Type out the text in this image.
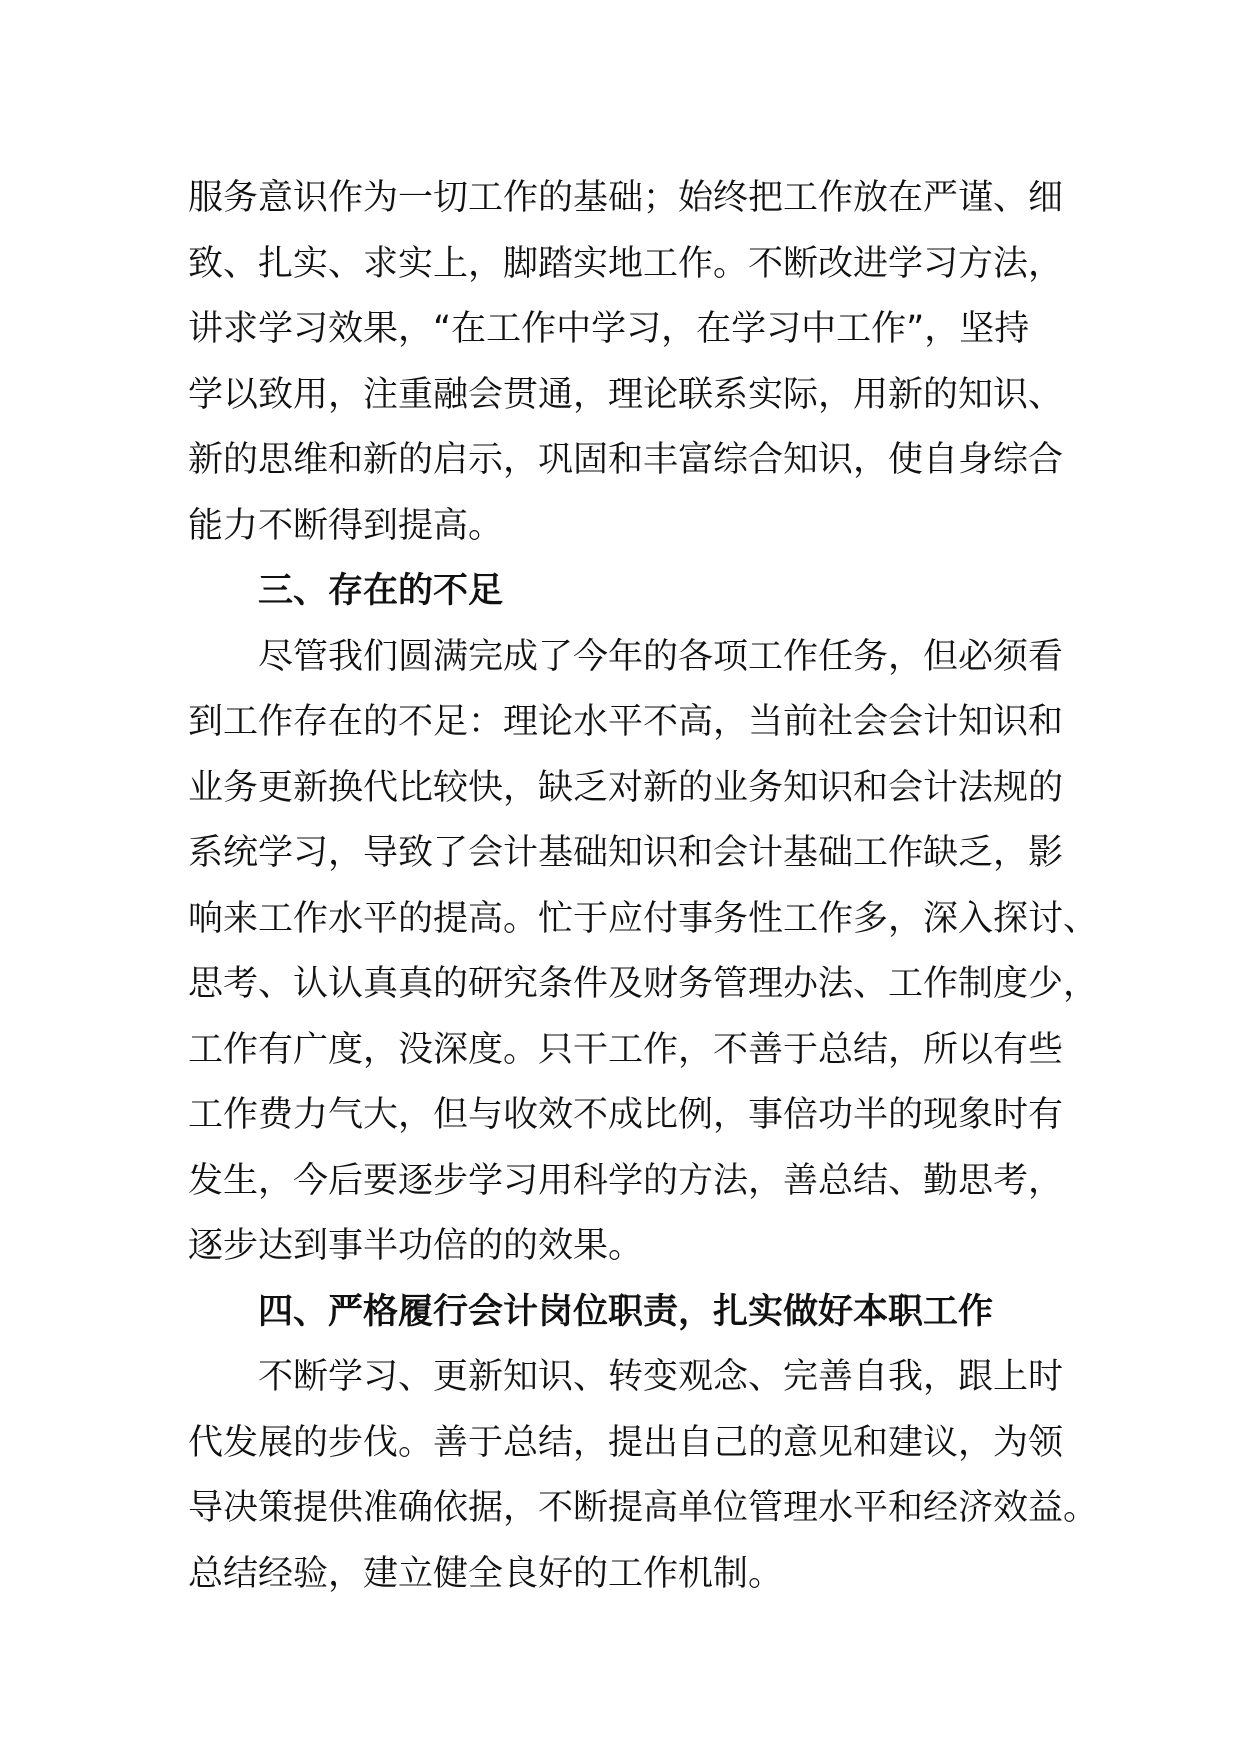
服务意识作为一切工作的基础；始终把工作放在严谨、细
致、扎实、求实上，脚踏实地工作。不断改进学习方法，
讲求学习效果，“在工作中学习，在学习中工作”，坚持
学以致用，注重融会贯通，理论联系实际，用新的知识、
新的思维和新的启示，巩固和丰富综合知识，使自身综合
能力不断得到提高。
三、存在的不足
尽管我们圆满完成了今年的各项工作任务，但必须看
到工作存在的不足：理论水平不高，当前社会会计知识和
业务更新换代比较快，缺乏对新的业务知识和会计法规的
系统学习，导致了会计基础知识和会计基础工作缺乏，影
响来工作水平的提高。忙于应付事务性工作多，深入探讨、
思考、认认真真的研究条件及财务管理办法、工作制度少，
工作有广度，没深度。只干工作，不善于总结，所以有些
工作费力气大，但与收效不成比例，事倍功半的现象时有
发生，今后要逐步学习用科学的方法，善总结、勤思考，
逐步达到事半功倍的的效果。
四、严格履行会计岗位职责，扎实做好本职工作
不断学习、更新知识、转变观念、完善自我，跟上时
代发展的步伐。善于总结，提出自己的意见和建议，为领
导决策提供准确依据，不断提高单位管理水平和经济效益。
总结经验，建立健全良好的工作机制。
